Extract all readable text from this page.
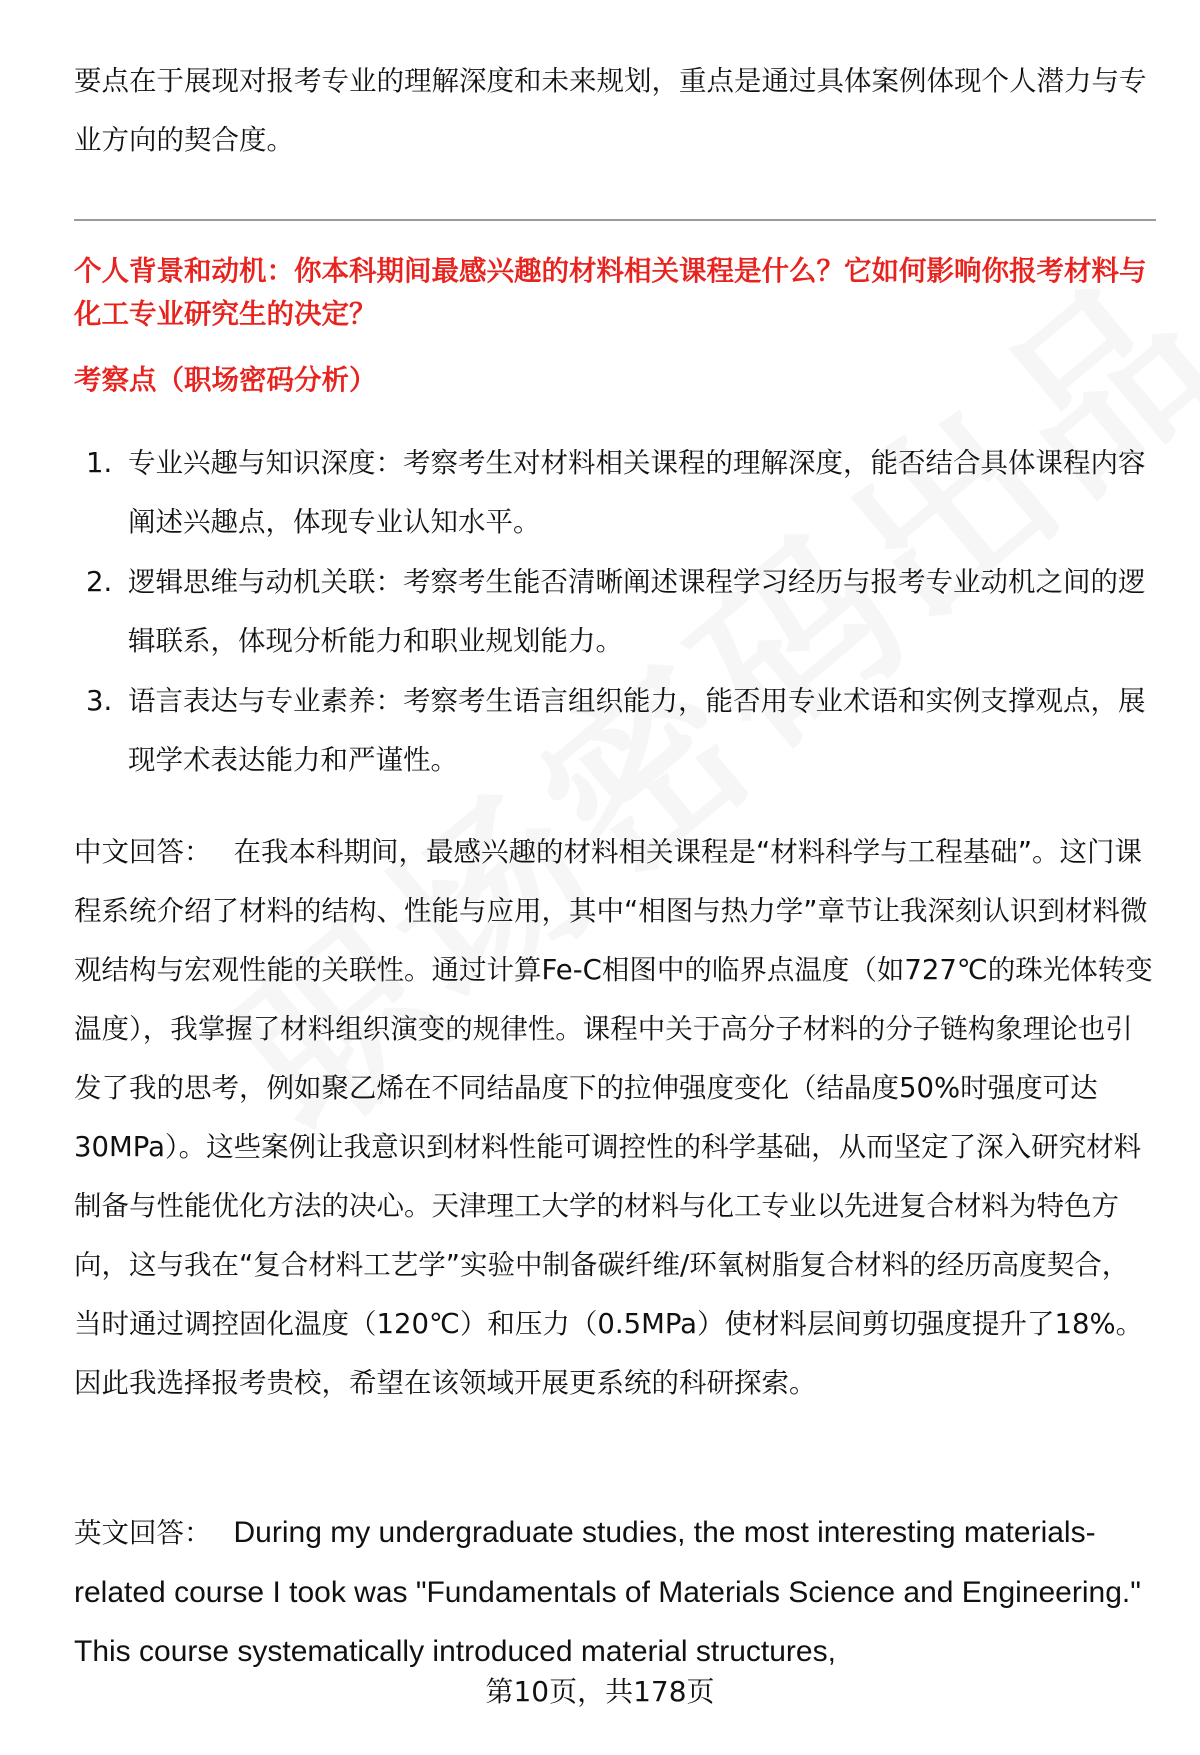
要点在于展现对报考专业的理解深度和未来规划，重点是通过具体案例体现个人潜力与专业方向的契合度。

个人背景和动机：你本科期间最感兴趣的材料相关课程是什么？它如何影响你报考材料与化工专业研究生的决定？

考察点（职场密码分析）

1. 专业兴趣与知识深度：考察考生对材料相关课程的理解深度，能否结合具体课程内容阐述兴趣点，体现专业认知水平。
2. 逻辑思维与动机关联：考察考生能否清晰阐述课程学习经历与报考专业动机之间的逻辑联系，体现分析能力和职业规划能力。
3. 语言表达与专业素养：考察考生语言组织能力，能否用专业术语和实例支撑观点，展现学术表达能力和严谨性。

中文回答： 在我本科期间，最感兴趣的材料相关课程是“材料科学与工程基础”。这门课程系统介绍了材料的结构、性能与应用，其中“相图与热力学”章节让我深刻认识到材料微观结构与宏观性能的关联性。通过计算Fe-C相图中的临界点温度（如727℃的珠光体转变温度），我掌握了材料组织演变的规律性。课程中关于高分子材料的分子链构象理论也引发了我的思考，例如聚乙烯在不同结晶度下的拉伸强度变化（结晶度50%时强度可达30MPa）。这些案例让我意识到材料性能可调控性的科学基础，从而坚定了深入研究材料制备与性能优化方法的决心。天津理工大学的材料与化工专业以先进复合材料为特色方向，这与我在“复合材料工艺学”实验中制备碳纤维/环氧树脂复合材料的经历高度契合，当时通过调控固化温度（120℃）和压力（0.5MPa）使材料层间剪切强度提升了18%。因此我选择报考贵校，希望在该领域开展更系统的科研探索。

英文回答： During my undergraduate studies, the most interesting materials-related course I took was "Fundamentals of Materials Science and Engineering." This course systematically introduced material structures,

第10页，共178页
